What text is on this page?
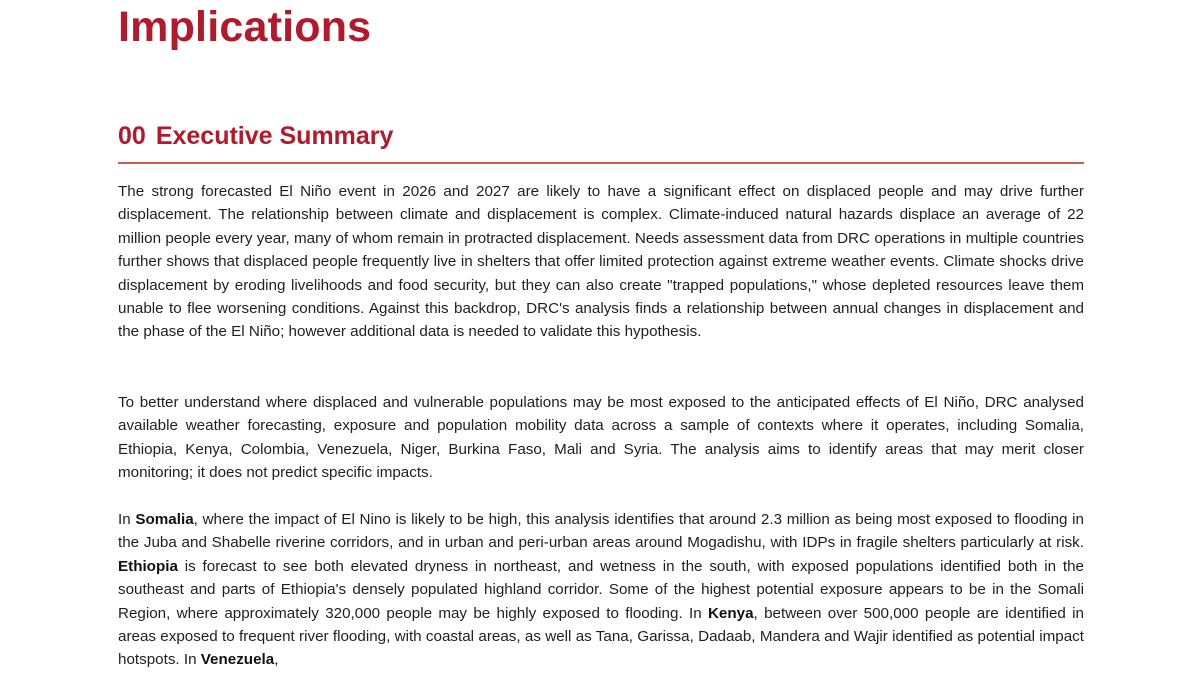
Implications
00 Executive Summary

The strong forecasted El Niño event in 2026 and 2027 are likely to have a significant effect on displaced people and may drive further displacement. The relationship between climate and displacement is complex. Climate-induced natural hazards displace an average of 22 million people every year, many of whom remain in protracted displacement. Needs assessment data from DRC operations in multiple countries further shows that displaced people frequently live in shelters that offer limited protection against extreme weather events. Climate shocks drive displacement by eroding livelihoods and food security, but they can also create "trapped populations," whose depleted resources leave them unable to flee worsening conditions. Against this backdrop, DRC's analysis finds a relationship between annual changes in displacement and the phase of the El Niño; however additional data is needed to validate this hypothesis.

To better understand where displaced and vulnerable populations may be most exposed to the anticipated effects of El Niño, DRC analysed available weather forecasting, exposure and population mobility data across a sample of contexts where it operates, including Somalia, Ethiopia, Kenya, Colombia, Venezuela, Niger, Burkina Faso, Mali and Syria. The analysis aims to identify areas that may merit closer monitoring; it does not predict specific impacts.

In Somalia, where the impact of El Nino is likely to be high, this analysis identifies that around 2.3 million as being most exposed to flooding in the Juba and Shabelle riverine corridors, and in urban and peri-urban areas around Mogadishu, with IDPs in fragile shelters particularly at risk. Ethiopia is forecast to see both elevated dryness in northeast, and wetness in the south, with exposed populations identified both in the southeast and parts of Ethiopia's densely populated highland corridor. Some of the highest potential exposure appears to be in the Somali Region, where approximately 320,000 people may be highly exposed to flooding. In Kenya, between over 500,000 people are identified in areas exposed to frequent river flooding, with coastal areas, as well as Tana, Garissa, Dadaab, Mandera and Wajir identified as potential impact hotspots. In Venezuela,
